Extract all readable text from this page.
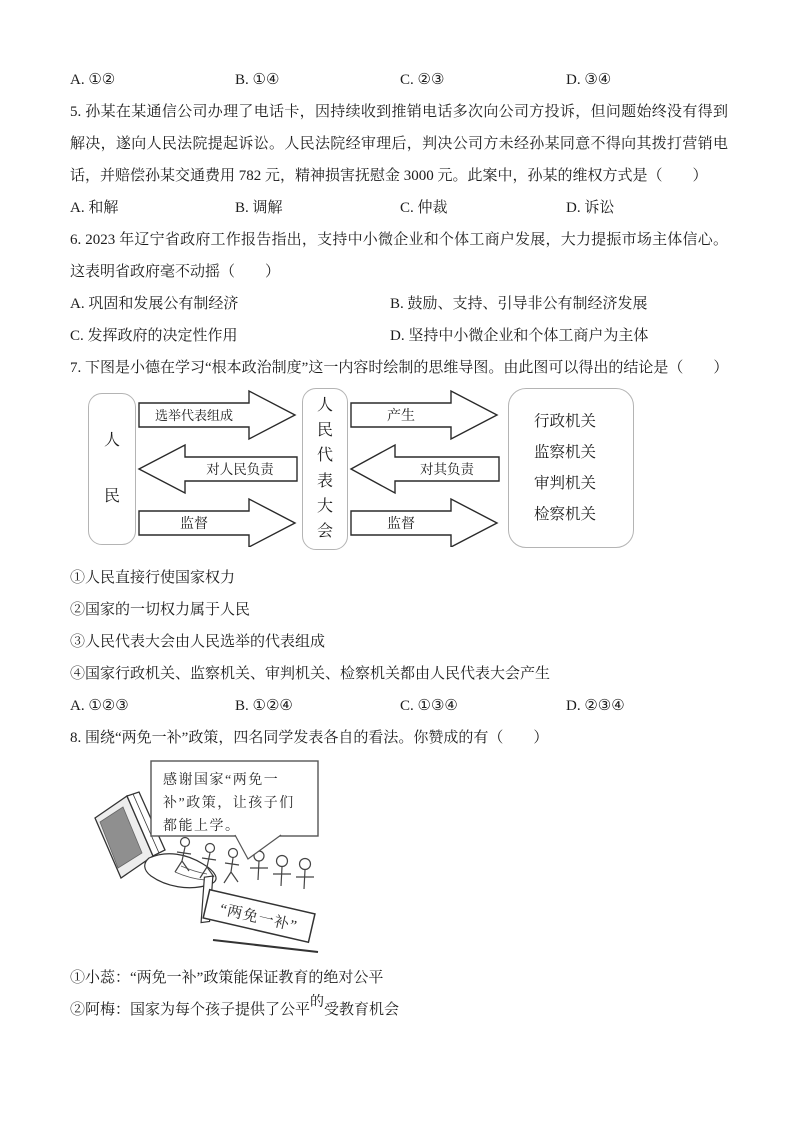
A. ①②	B. ①④	C. ②③	D. ③④

5. 孙某在某通信公司办理了电话卡，因持续收到推销电话多次向公司方投诉，但问题始终没有得到解决，遂向人民法院提起诉讼。人民法院经审理后，判决公司方未经孙某同意不得向其拨打营销电话，并赔偿孙某交通费用 782 元，精神损害抚慰金 3000 元。此案中，孙某的维权方式是（　　）

A. 和解	B. 调解	C. 仲裁	D. 诉讼

6. 2023 年辽宁省政府工作报告指出，支持中小微企业和个体工商户发展，大力提振市场主体信心。这表明省政府毫不动摇（　　）

A. 巩固和发展公有制经济	B. 鼓励、支持、引导非公有制经济发展
C. 发挥政府的决定性作用	D. 坚持中小微企业和个体工商户为主体

7. 下图是小德在学习“根本政治制度”这一内容时绘制的思维导图。由此图可以得出的结论是（　　）

人
民
选举代表组成
对人民负责
监督
人
民
代
表
大
会
产生
对其负责
监督
行政机关
监察机关
审判机关
检察机关

①人民直接行使国家权力

②国家的一切权力属于人民

③人民代表大会由人民选举的代表组成

④国家行政机关、监察机关、审判机关、检察机关都由人民代表大会产生

A. ①②③	B. ①②④	C. ①③④	D. ②③④

8. 围绕“两免一补”政策，四名同学发表各自的看法。你赞成的有（　　）

“两免一补”
感谢国家“两免一
补”政策，让孩子们
都能上学。

①小蕊：“两免一补”政策能保证教育的绝对公平

②阿梅：国家为每个孩子提供了公平的受教育机会
